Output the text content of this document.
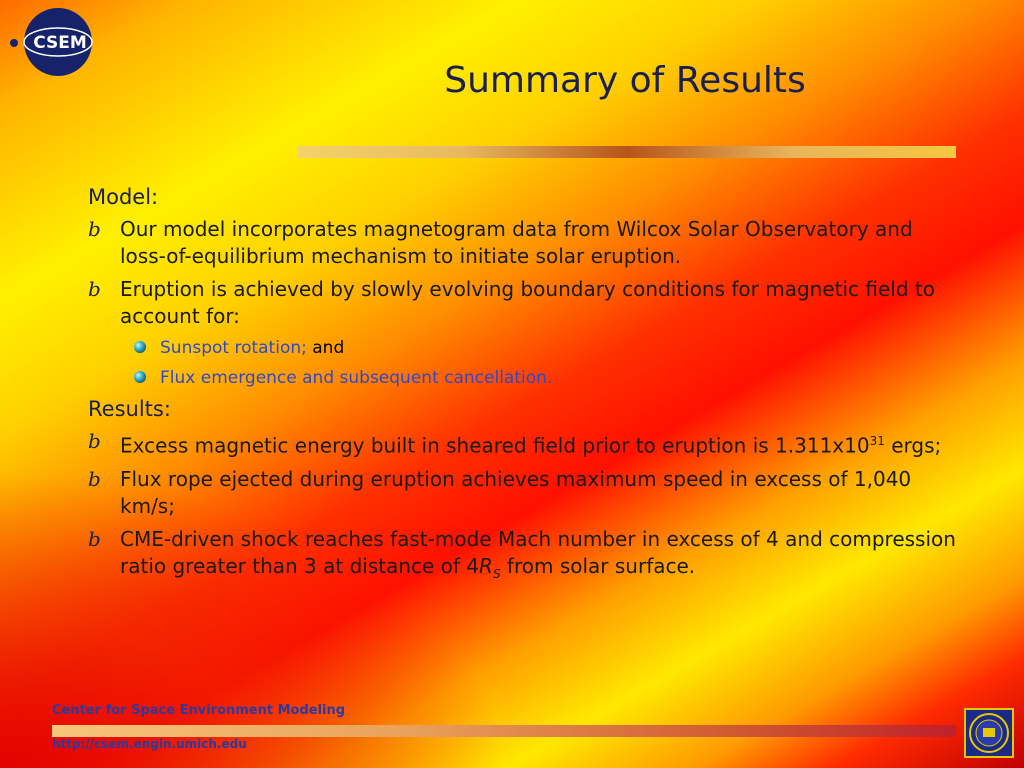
CSEM
Summary of Results
Model:
b Our model incorporates magnetogram data from Wilcox Solar Observatory and loss-of-equilibrium mechanism to initiate solar eruption.
b Eruption is achieved by slowly evolving boundary conditions for magnetic field to account for:
Sunspot rotation; and
Flux emergence and subsequent cancellation.
Results:
b Excess magnetic energy built in sheared field prior to eruption is $1.311x10^{31}$ ergs;
b Flux rope ejected during eruption achieves maximum speed in excess of 1,040 km/s;
b CME-driven shock reaches fast-mode Mach number in excess of 4 and compression ratio greater than 3 at distance of $4R_S$ from solar surface.
Center for Space Environment Modeling
http://csem.engin.umich.edu
